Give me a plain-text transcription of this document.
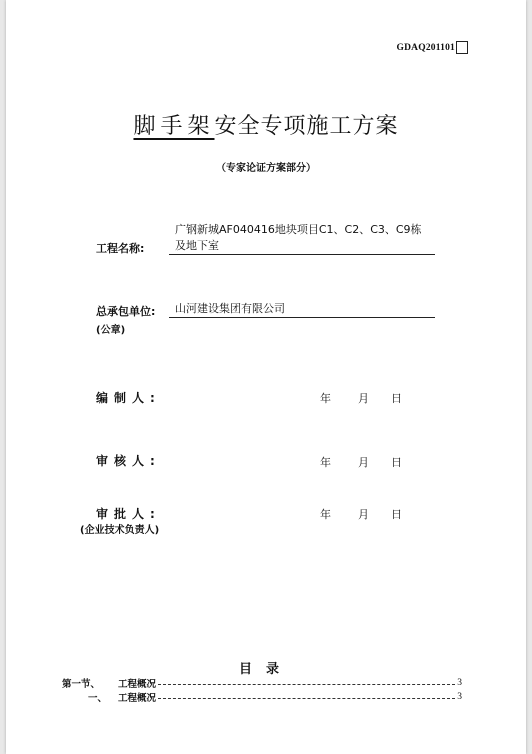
GDAQ201101
脚手架安全专项施工方案
（专家论证方案部分）
工程名称:
广钢新城AF040416地块项目C1、C2、C3、C9栋
及地下室
总承包单位: 山河建设集团有限公司
(公章)
编制人:	年 月 日
审核人:	年 月 日
审批人:	年 月 日
(企业技术负责人)
目录
第一节、	工程概况	3
一、	工程概况	3
